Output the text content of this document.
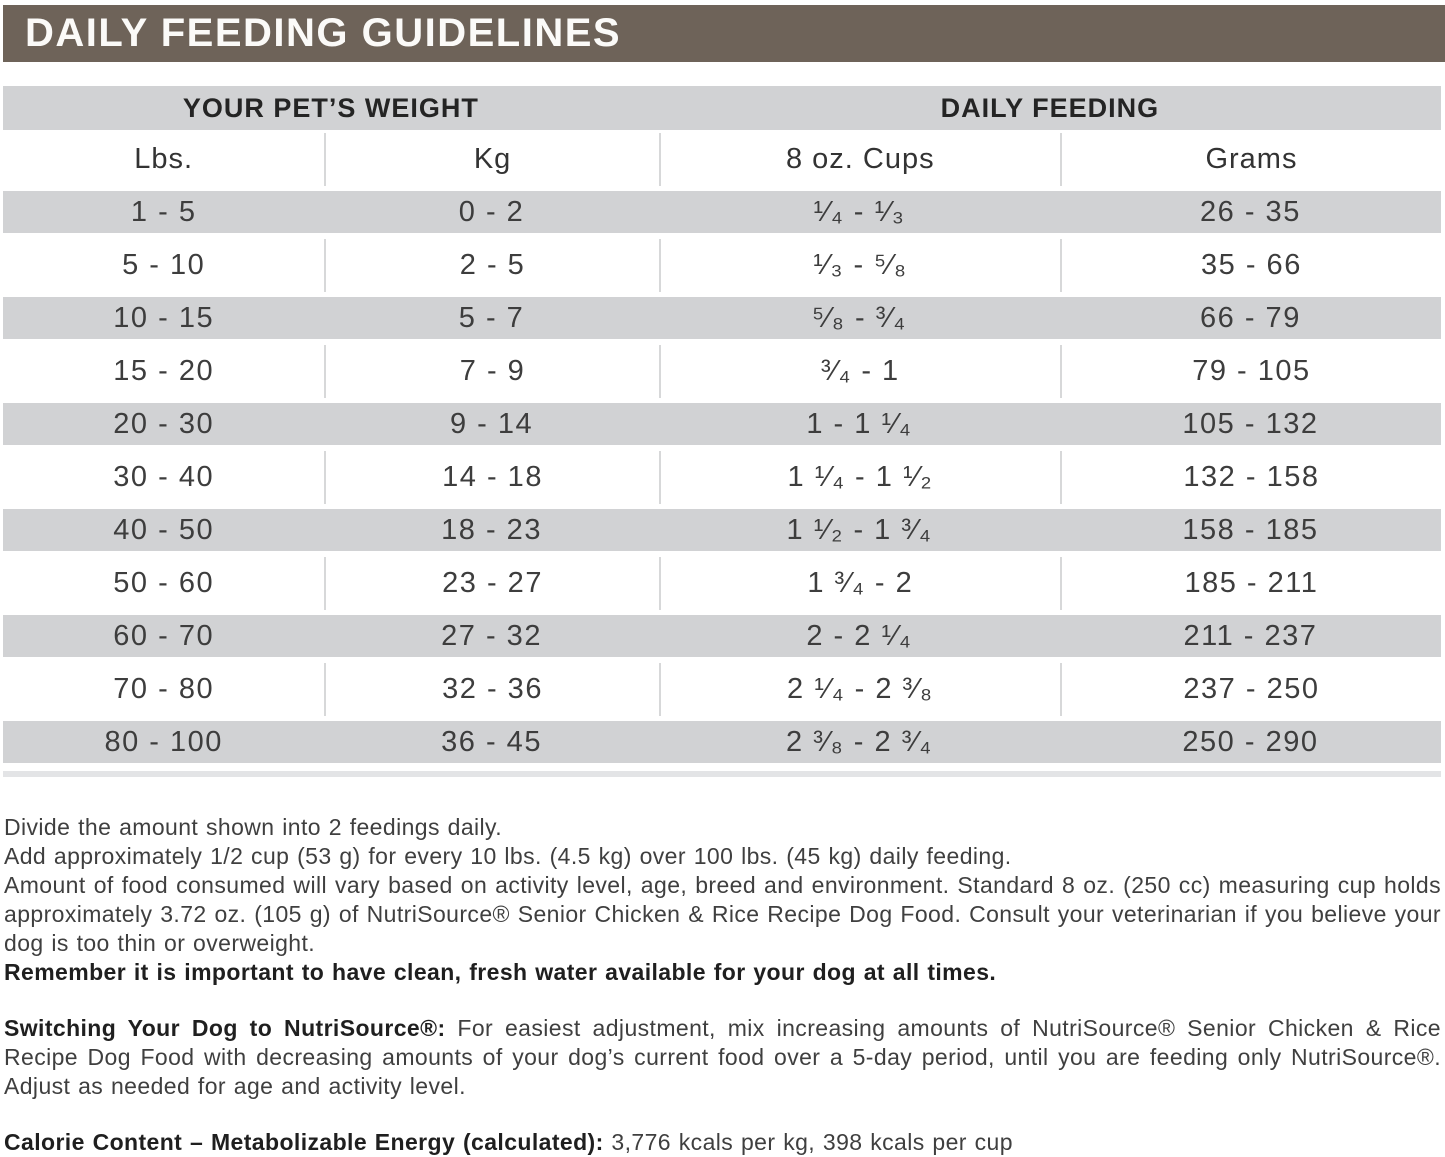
DAILY FEEDING GUIDELINES
YOUR PET’S WEIGHT	DAILY FEEDING
Lbs.	Kg	8 oz. Cups	Grams
1 - 5	0 - 2	¹⁄₄ - ¹⁄₃	26 - 35
5 - 10	2 - 5	¹⁄₃ - ⁵⁄₈	35 - 66
10 - 15	5 - 7	⁵⁄₈ - ³⁄₄	66 - 79
15 - 20	7 - 9	³⁄₄ - 1	79 - 105
20 - 30	9 - 14	1 - 1 ¹⁄₄	105 - 132
30 - 40	14 - 18	1 ¹⁄₄ - 1 ¹⁄₂	132 - 158
40 - 50	18 - 23	1 ¹⁄₂ - 1 ³⁄₄	158 - 185
50 - 60	23 - 27	1 ³⁄₄ - 2	185 - 211
60 - 70	27 - 32	2 - 2 ¹⁄₄	211 - 237
70 - 80	32 - 36	2 ¹⁄₄ - 2 ³⁄₈	237 - 250
80 - 100	36 - 45	2 ³⁄₈ - 2 ³⁄₄	250 - 290

Divide the amount shown into 2 feedings daily.

Add approximately 1/2 cup (53 g) for every 10 lbs. (4.5 kg) over 100 lbs. (45 kg) daily feeding.

Amount of food consumed will vary based on activity level, age, breed and environment. Standard 8 oz. (250 cc) measuring cup holds approximately 3.72 oz. (105 g) of NutriSource® Senior Chicken & Rice Recipe Dog Food. Consult your veterinarian if you believe your dog is too thin or overweight.

Remember it is important to have clean, fresh water available for your dog at all times.

Switching Your Dog to NutriSource®: For easiest adjustment, mix increasing amounts of NutriSource® Senior Chicken & Rice Recipe Dog Food with decreasing amounts of your dog’s current food over a 5-day period, until you are feeding only NutriSource®. Adjust as needed for age and activity level.

Calorie Content – Metabolizable Energy (calculated): 3,776 kcals per kg, 398 kcals per cup
